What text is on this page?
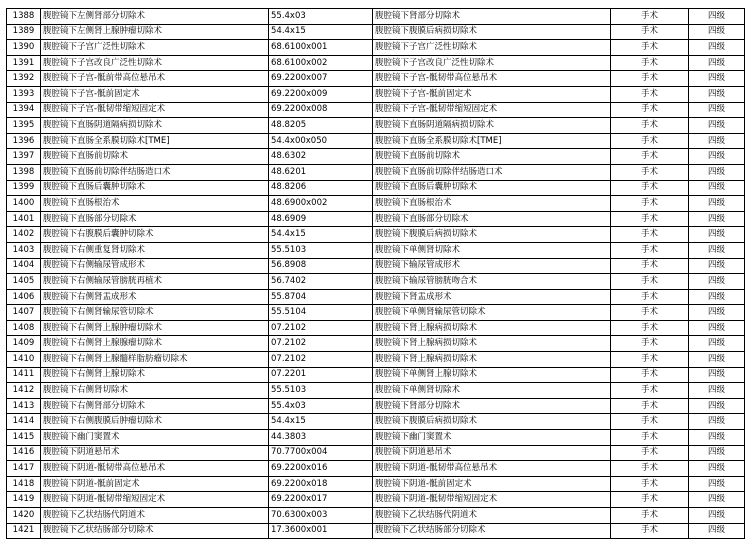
1388	腹腔镜下左侧肾部分切除术	55.4x03	腹腔镜下肾部分切除术	手术	四级
1389	腹腔镜下左侧肾上腺肿瘤切除术	54.4x15	腹腔镜下腹膜后病损切除术	手术	四级
1390	腹腔镜下子宫广泛性切除术	68.6100x001	腹腔镜下子宫广泛性切除术	手术	四级
1391	腹腔镜下子宫改良广泛性切除术	68.6100x002	腹腔镜下子宫改良广泛性切除术	手术	四级
1392	腹腔镜下子宫-骶前带高位悬吊术	69.2200x007	腹腔镜下子宫-骶韧带高位悬吊术	手术	四级
1393	腹腔镜下子宫-骶前固定术	69.2200x009	腹腔镜下子宫-骶前固定术	手术	四级
1394	腹腔镜下子宫-骶韧带缩短固定术	69.2200x008	腹腔镜下子宫-骶韧带缩短固定术	手术	四级
1395	腹腔镜下直肠阴道隔病损切除术	48.8205	腹腔镜下直肠阴道隔病损切除术	手术	四级
1396	腹腔镜下直肠全系膜切除术[TME]	54.4x00x050	腹腔镜下直肠全系膜切除术[TME]	手术	四级
1397	腹腔镜下直肠前切除术	48.6302	腹腔镜下直肠前切除术	手术	四级
1398	腹腔镜下直肠前切除伴结肠造口术	48.6201	腹腔镜下直肠前切除伴结肠造口术	手术	四级
1399	腹腔镜下直肠后囊肿切除术	48.8206	腹腔镜下直肠后囊肿切除术	手术	四级
1400	腹腔镜下直肠根治术	48.6900x002	腹腔镜下直肠根治术	手术	四级
1401	腹腔镜下直肠部分切除术	48.6909	腹腔镜下直肠部分切除术	手术	四级
1402	腹腔镜下右腹膜后囊肿切除术	54.4x15	腹腔镜下腹膜后病损切除术	手术	四级
1403	腹腔镜下右侧重复肾切除术	55.5103	腹腔镜下单侧肾切除术	手术	四级
1404	腹腔镜下右侧输尿管成形术	56.8908	腹腔镜下输尿管成形术	手术	四级
1405	腹腔镜下右侧输尿管膀胱再植术	56.7402	腹腔镜下输尿管膀胱吻合术	手术	四级
1406	腹腔镜下右侧肾盂成形术	55.8704	腹腔镜下肾盂成形术	手术	四级
1407	腹腔镜下右侧肾输尿管切除术	55.5104	腹腔镜下单侧肾输尿管切除术	手术	四级
1408	腹腔镜下右侧肾上腺肿瘤切除术	07.2102	腹腔镜下肾上腺病损切除术	手术	四级
1409	腹腔镜下右侧肾上腺腺瘤切除术	07.2102	腹腔镜下肾上腺病损切除术	手术	四级
1410	腹腔镜下右侧肾上腺髓样脂肪瘤切除术	07.2102	腹腔镜下肾上腺病损切除术	手术	四级
1411	腹腔镜下右侧肾上腺切除术	07.2201	腹腔镜下单侧肾上腺切除术	手术	四级
1412	腹腔镜下右侧肾切除术	55.5103	腹腔镜下单侧肾切除术	手术	四级
1413	腹腔镜下右侧肾部分切除术	55.4x03	腹腔镜下肾部分切除术	手术	四级
1414	腹腔镜下右侧腹膜后肿瘤切除术	54.4x15	腹腔镜下腹膜后病损切除术	手术	四级
1415	腹腔镜下幽门窦置术	44.3803	腹腔镜下幽门窦置术	手术	四级
1416	腹腔镜下阴道悬吊术	70.7700x004	腹腔镜下阴道悬吊术	手术	四级
1417	腹腔镜下阴道-骶韧带高位悬吊术	69.2200x016	腹腔镜下阴道-骶韧带高位悬吊术	手术	四级
1418	腹腔镜下阴道-骶前固定术	69.2200x018	腹腔镜下阴道-骶前固定术	手术	四级
1419	腹腔镜下阴道-骶韧带缩短固定术	69.2200x017	腹腔镜下阴道-骶韧带缩短固定术	手术	四级
1420	腹腔镜下乙状结肠代阴道术	70.6300x003	腹腔镜下乙状结肠代阴道术	手术	四级
1421	腹腔镜下乙状结肠部分切除术	17.3600x001	腹腔镜下乙状结肠部分切除术	手术	四级
